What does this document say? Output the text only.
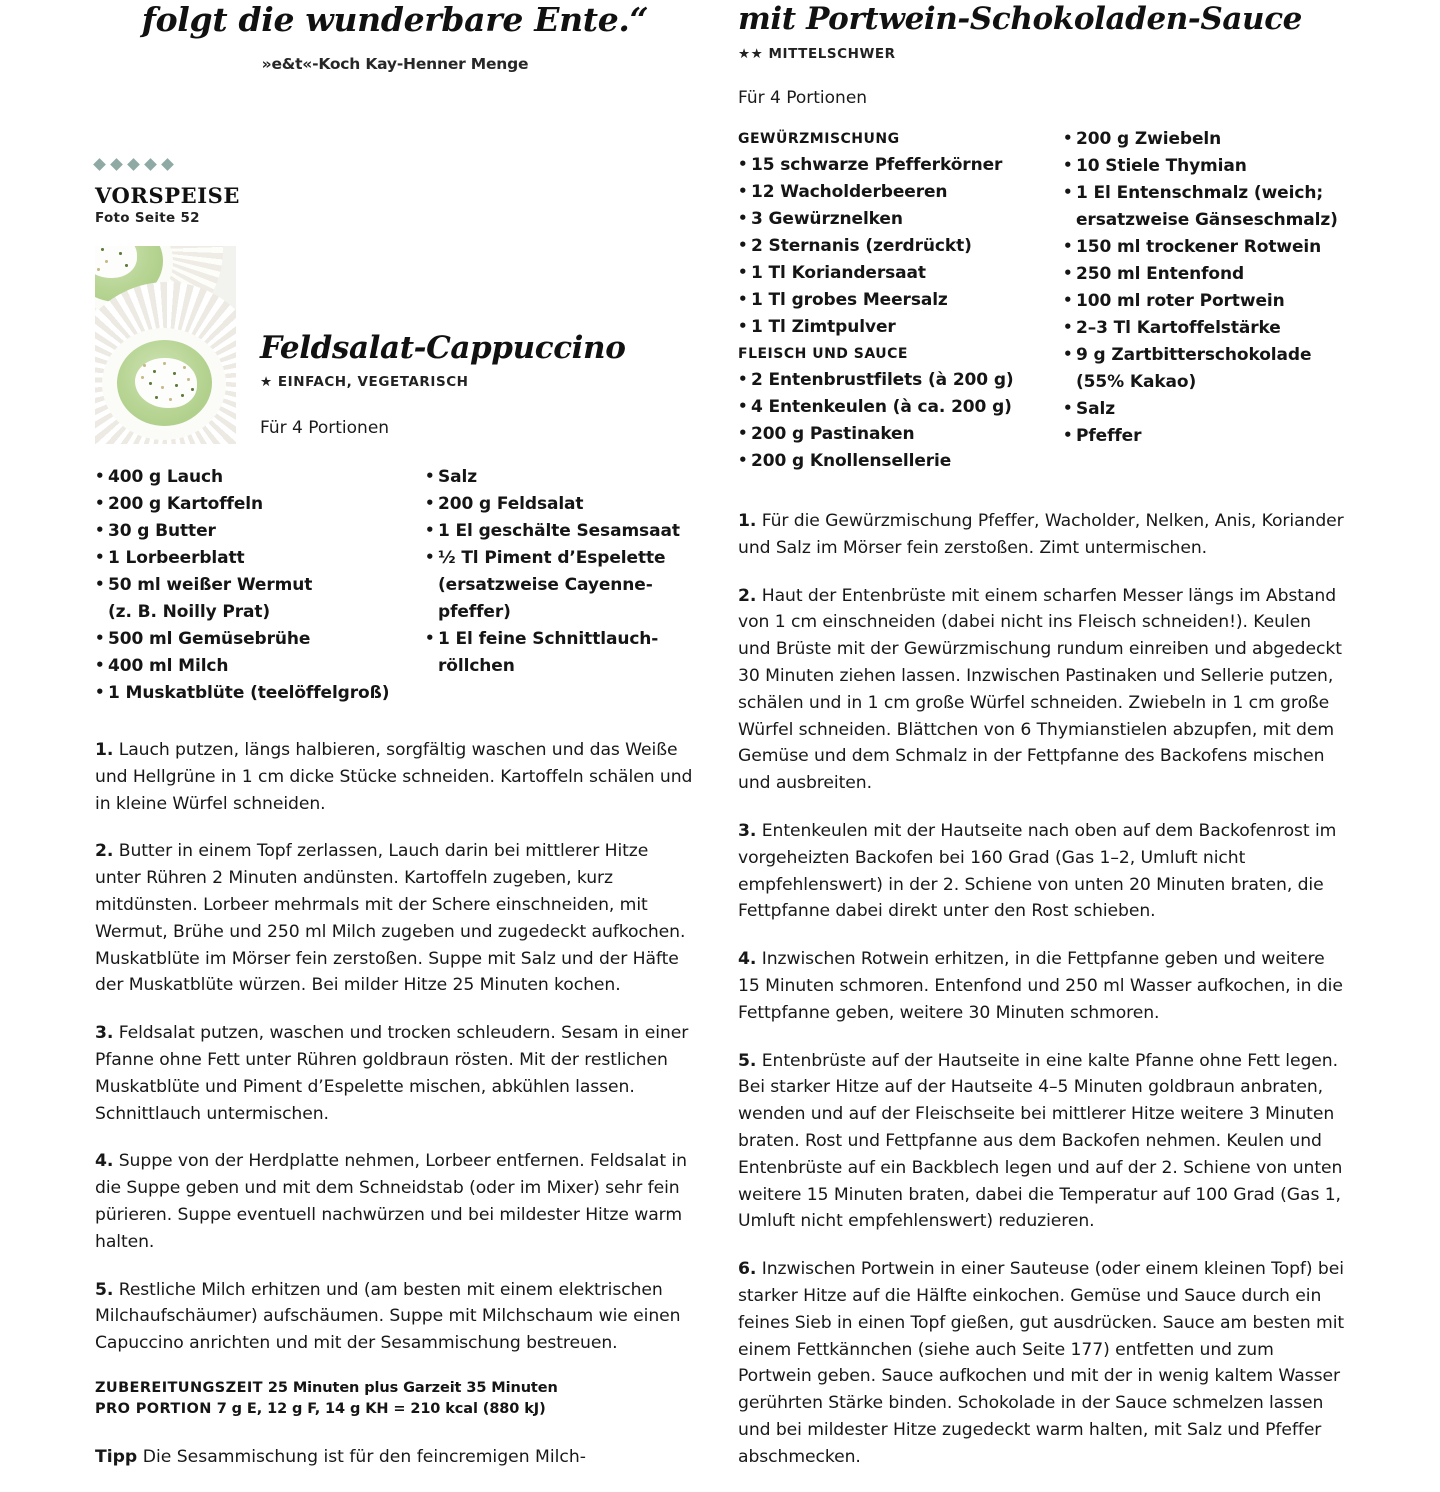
folgt die wunderbare Ente.“
»e&t«-Koch Kay-Henner Menge

VORSPEISE
Foto Seite 52
Feldsalat-Cappuccino
★ EINFACH, VEGETARISCH
Für 4 Portionen
• 400 g Lauch
• 200 g Kartoffeln
• 30 g Butter
• 1 Lorbeerblatt
• 50 ml weißer Wermut
(z. B. Noilly Prat)
• 500 ml Gemüsebrühe
• 400 ml Milch
• 1 Muskatblüte (teelöffelgroß)
• Salz
• 200 g Feldsalat
• 1 El geschälte Sesamsaat
• ½ Tl Piment d’Espelette
(ersatzweise Cayenne-
pfeffer)
• 1 El feine Schnittlauch-
röllchen
1. Lauch putzen, längs halbieren, sorgfältig waschen und das Weiße und Hellgrüne in 1 cm dicke Stücke schneiden. Kartoffeln schälen und in kleine Würfel schneiden.
2. Butter in einem Topf zerlassen, Lauch darin bei mittlerer Hitze unter Rühren 2 Minuten andünsten. Kartoffeln zugeben, kurz mitdünsten. Lorbeer mehrmals mit der Schere einschneiden, mit Wermut, Brühe und 250 ml Milch zugeben und zugedeckt aufkochen. Muskatblüte im Mörser fein zerstoßen. Suppe mit Salz und der Häfte der Muskatblüte würzen. Bei milder Hitze 25 Minuten kochen.
3. Feldsalat putzen, waschen und trocken schleudern. Sesam in einer Pfanne ohne Fett unter Rühren goldbraun rösten. Mit der restlichen Muskatblüte und Piment d’Espelette mischen, abkühlen lassen. Schnittlauch untermischen.
4. Suppe von der Herdplatte nehmen, Lorbeer entfernen. Feldsalat in die Suppe geben und mit dem Schneidstab (oder im Mixer) sehr fein pürieren. Suppe eventuell nachwürzen und bei mildester Hitze warm halten.
5. Restliche Milch erhitzen und (am besten mit einem elektrischen Milchaufschäumer) aufschäumen. Suppe mit Milchschaum wie einen Capuccino anrichten und mit der Sesammischung bestreuen.
ZUBEREITUNGSZEIT 25 Minuten plus Garzeit 35 Minuten
PRO PORTION 7 g E, 12 g F, 14 g KH = 210 kcal (880 kJ)
Tipp Die Sesammischung ist für den feincremigen Milch-
mit Portwein-Schokoladen-Sauce
★★ MITTELSCHWER
Für 4 Portionen
GEWÜRZMISCHUNG
• 15 schwarze Pfefferkörner
• 12 Wacholderbeeren
• 3 Gewürznelken
• 2 Sternanis (zerdrückt)
• 1 Tl Koriandersaat
• 1 Tl grobes Meersalz
• 1 Tl Zimtpulver
FLEISCH UND SAUCE
• 2 Entenbrustfilets (à 200 g)
• 4 Entenkeulen (à ca. 200 g)
• 200 g Pastinaken
• 200 g Knollensellerie
• 200 g Zwiebeln
• 10 Stiele Thymian
• 1 El Entenschmalz (weich;
ersatzweise Gänseschmalz)
• 150 ml trockener Rotwein
• 250 ml Entenfond
• 100 ml roter Portwein
• 2–3 Tl Kartoffelstärke
• 9 g Zartbitterschokolade
(55% Kakao)
• Salz
• Pfeffer
1. Für die Gewürzmischung Pfeffer, Wacholder, Nelken, Anis, Koriander und Salz im Mörser fein zerstoßen. Zimt untermischen.
2. Haut der Entenbrüste mit einem scharfen Messer längs im Abstand von 1 cm einschneiden (dabei nicht ins Fleisch schneiden!). Keulen und Brüste mit der Gewürzmischung rundum einreiben und abgedeckt 30 Minuten ziehen lassen. Inzwischen Pastinaken und Sellerie putzen, schälen und in 1 cm große Würfel schneiden. Zwiebeln in 1 cm große Würfel schneiden. Blättchen von 6 Thymianstielen abzupfen, mit dem Gemüse und dem Schmalz in der Fettpfanne des Backofens mischen und ausbreiten.
3. Entenkeulen mit der Hautseite nach oben auf dem Backofenrost im vorgeheizten Backofen bei 160 Grad (Gas 1–2, Umluft nicht empfehlenswert) in der 2. Schiene von unten 20 Minuten braten, die Fettpfanne dabei direkt unter den Rost schieben.
4. Inzwischen Rotwein erhitzen, in die Fettpfanne geben und weitere 15 Minuten schmoren. Entenfond und 250 ml Wasser aufkochen, in die Fettpfanne geben, weitere 30 Minuten schmoren.
5. Entenbrüste auf der Hautseite in eine kalte Pfanne ohne Fett legen. Bei starker Hitze auf der Hautseite 4–5 Minuten goldbraun anbraten, wenden und auf der Fleischseite bei mittlerer Hitze weitere 3 Minuten braten. Rost und Fettpfanne aus dem Backofen nehmen. Keulen und Entenbrüste auf ein Backblech legen und auf der 2. Schiene von unten weitere 15 Minuten braten, dabei die Temperatur auf 100 Grad (Gas 1, Umluft nicht empfehlenswert) reduzieren.
6. Inzwischen Portwein in einer Sauteuse (oder einem kleinen Topf) bei starker Hitze auf die Hälfte einkochen. Gemüse und Sauce durch ein feines Sieb in einen Topf gießen, gut ausdrücken. Sauce am besten mit einem Fettkännchen (siehe auch Seite 177) entfetten und zum Portwein geben. Sauce aufkochen und mit der in wenig kaltem Wasser gerührten Stärke binden. Schokolade in der Sauce schmelzen lassen und bei mildester Hitze zugedeckt warm halten, mit Salz und Pfeffer abschmecken.
